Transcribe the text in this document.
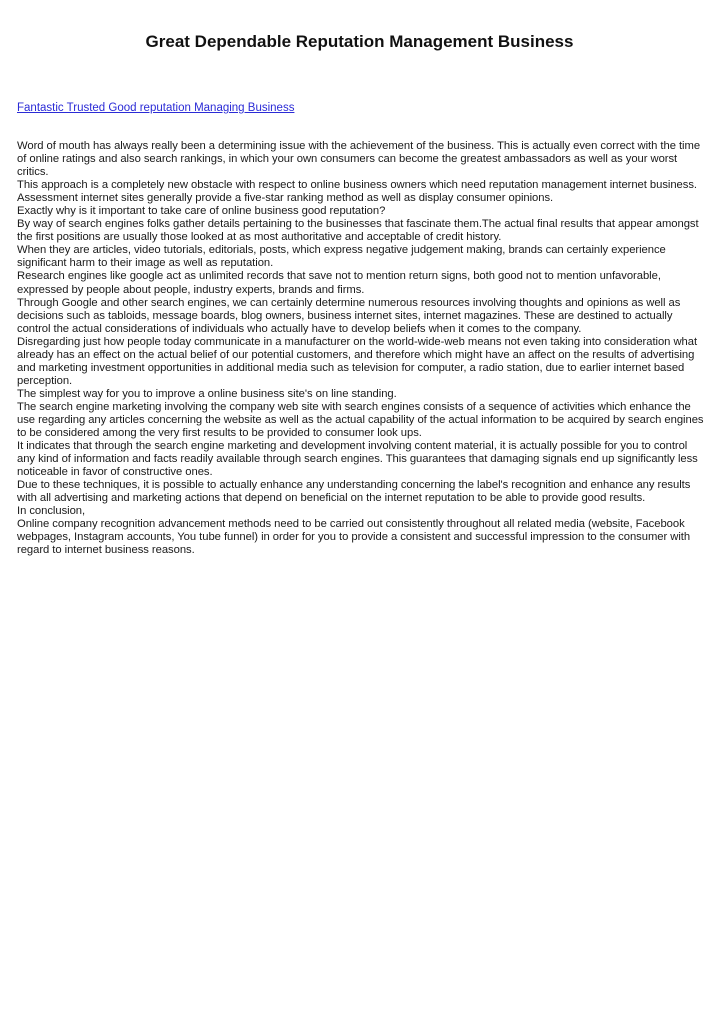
Great Dependable Reputation Management Business
Fantastic Trusted Good reputation Managing Business

Word of mouth has always really been a determining issue with the achievement of the business. This is actually even correct with the time of online ratings and also search rankings, in which your own consumers can become the greatest ambassadors as well as your worst critics.

This approach is a completely new obstacle with respect to online business owners which need reputation management internet business.

Assessment internet sites generally provide a five-star ranking method as well as display consumer opinions.

Exactly why is it important to take care of online business good reputation?

By way of search engines folks gather details pertaining to the businesses that fascinate them.The actual final results that appear amongst the first positions are usually those looked at as most authoritative and acceptable of credit history.

When they are articles, video tutorials, editorials, posts, which express negative judgement making, brands can certainly experience significant harm to their image as well as reputation.

Research engines like google act as unlimited records that save not to mention return signs, both good not to mention unfavorable, expressed by people about people, industry experts, brands and firms.

Through Google and other search engines, we can certainly determine numerous resources involving thoughts and opinions as well as decisions such as tabloids, message boards, blog owners, business internet sites, internet magazines. These are destined to actually control the actual considerations of individuals who actually have to develop beliefs when it comes to the company.

Disregarding just how people today communicate in a manufacturer on the world-wide-web means not even taking into consideration what already has an effect on the actual belief of our potential customers, and therefore which might have an affect on the results of advertising and marketing investment opportunities in additional media such as television for computer, a radio station, due to earlier internet based perception.

The simplest way for you to improve a online business site's on line standing.

The search engine marketing involving the company web site with search engines consists of a sequence of activities which enhance the use regarding any articles concerning the website as well as the actual capability of the actual information to be acquired by search engines to be considered among the very first results to be provided to consumer look ups.

It indicates that through the search engine marketing and development involving content material, it is actually possible for you to control any kind of information and facts readily available through search engines. This guarantees that damaging signals end up significantly less noticeable in favor of constructive ones.

Due to these techniques, it is possible to actually enhance any understanding concerning the label's recognition and enhance any results with all advertising and marketing actions that depend on beneficial on the internet reputation to be able to provide good results.

In conclusion,

Online company recognition advancement methods need to be carried out consistently throughout all related media (website, Facebook webpages, Instagram accounts, You tube funnel) in order for you to provide a consistent and successful impression to the consumer with regard to internet business reasons.
